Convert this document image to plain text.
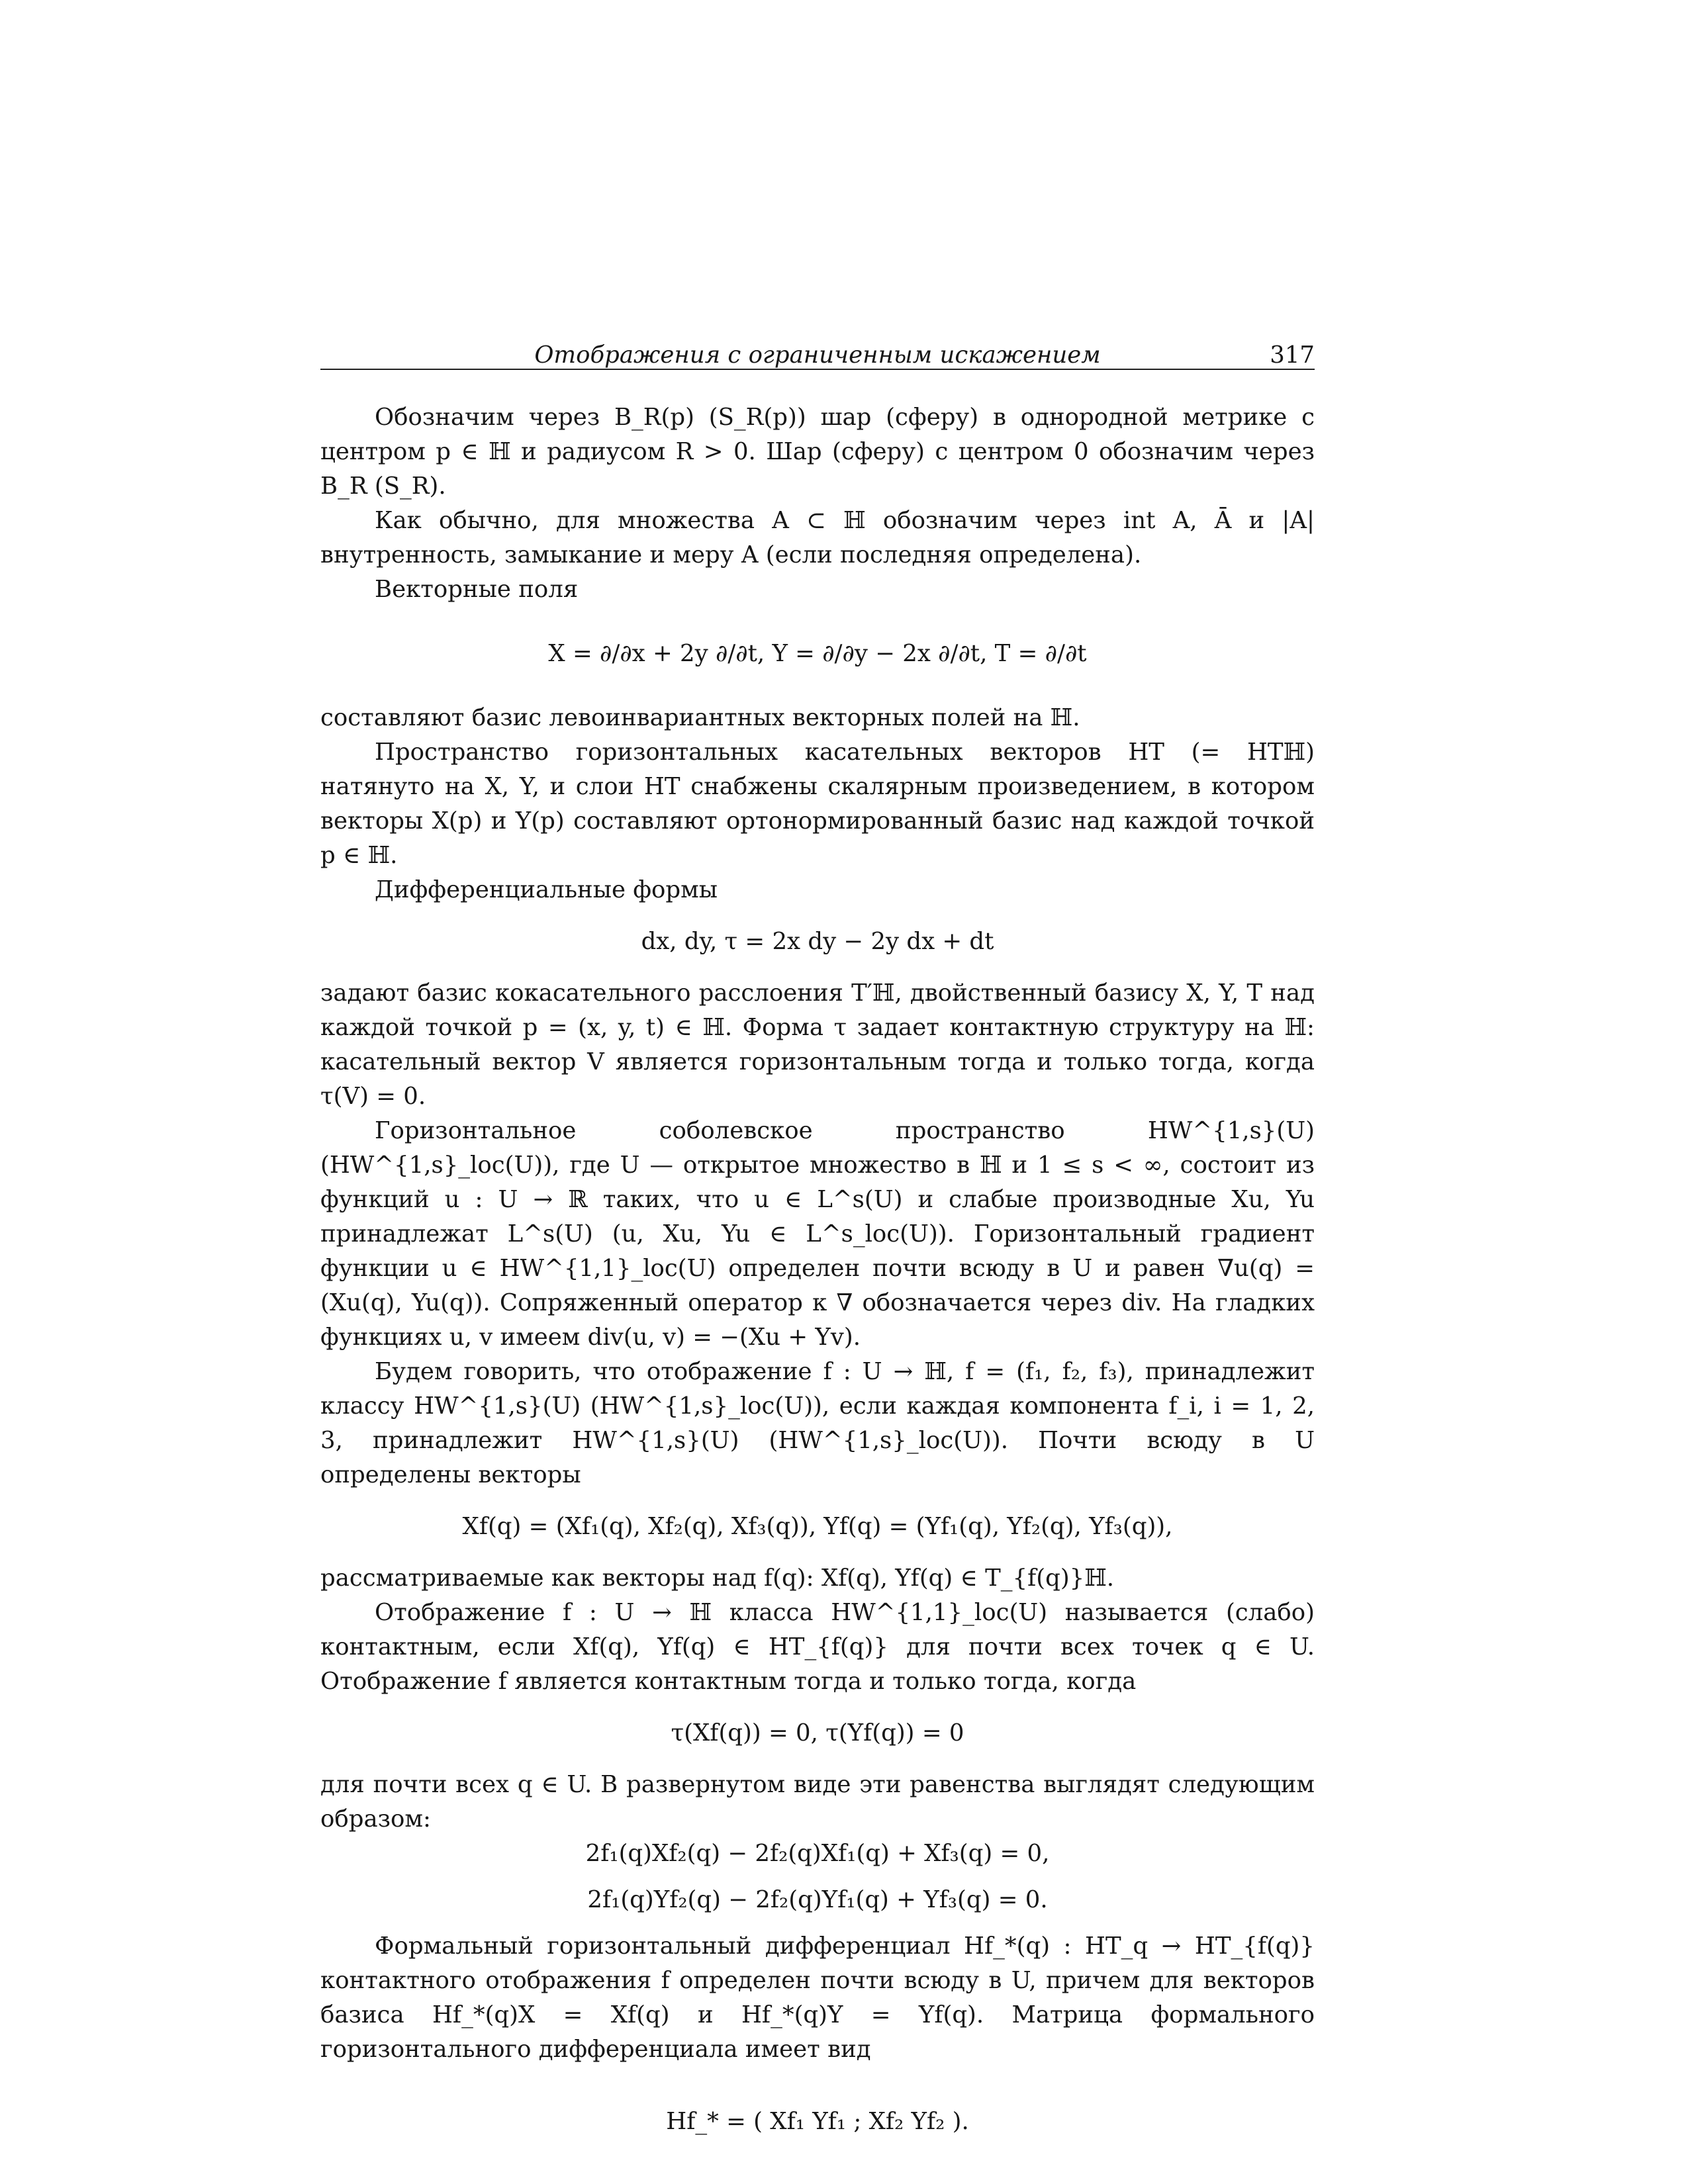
Отображения с ограниченным искажением	317

Обозначим через B_R(p) (S_R(p)) шар (сферу) в однородной метрике с центром p ∈ ℍ и радиусом R > 0. Шар (сферу) с центром 0 обозначим через B_R (S_R).

Как обычно, для множества A ⊂ ℍ обозначим через int A, Ā и |A| внутренность, замыкание и меру A (если последняя определена).

Векторные поля

X = ∂/∂x + 2y ∂/∂t, Y = ∂/∂y − 2x ∂/∂t, T = ∂/∂t

составляют базис левоинвариантных векторных полей на ℍ.

Пространство горизонтальных касательных векторов HT (= HTℍ) натянуто на X, Y, и слои HT снабжены скалярным произведением, в котором векторы X(p) и Y(p) составляют ортонормированный базис над каждой точкой p ∈ ℍ.

Дифференциальные формы

dx, dy, τ = 2x dy − 2y dx + dt

задают базис кокасательного расслоения T′ℍ, двойственный базису X, Y, T над каждой точкой p = (x, y, t) ∈ ℍ. Форма τ задает контактную структуру на ℍ: касательный вектор V является горизонтальным тогда и только тогда, когда τ(V) = 0.

Горизонтальное соболевское пространство HW^{1,s}(U) (HW^{1,s}_loc(U)), где U — открытое множество в ℍ и 1 ≤ s < ∞, состоит из функций u : U → ℝ таких, что u ∈ L^s(U) и слабые производные Xu, Yu принадлежат L^s(U) (u, Xu, Yu ∈ L^s_loc(U)). Горизонтальный градиент функции u ∈ HW^{1,1}_loc(U) определен почти всюду в U и равен ∇u(q) = (Xu(q), Yu(q)). Сопряженный оператор к ∇ обозначается через div. На гладких функциях u, v имеем div(u, v) = −(Xu + Yv).

Будем говорить, что отображение f : U → ℍ, f = (f₁, f₂, f₃), принадлежит классу HW^{1,s}(U) (HW^{1,s}_loc(U)), если каждая компонента f_i, i = 1, 2, 3, принадлежит HW^{1,s}(U) (HW^{1,s}_loc(U)). Почти всюду в U определены векторы

Xf(q) = (Xf₁(q), Xf₂(q), Xf₃(q)), Yf(q) = (Yf₁(q), Yf₂(q), Yf₃(q)),

рассматриваемые как векторы над f(q): Xf(q), Yf(q) ∈ T_{f(q)}ℍ.

Отображение f : U → ℍ класса HW^{1,1}_loc(U) называется (слабо) контактным, если Xf(q), Yf(q) ∈ HT_{f(q)} для почти всех точек q ∈ U. Отображение f является контактным тогда и только тогда, когда

τ(Xf(q)) = 0, τ(Yf(q)) = 0

для почти всех q ∈ U. В развернутом виде эти равенства выглядят следующим образом:

2f₁(q)Xf₂(q) − 2f₂(q)Xf₁(q) + Xf₃(q) = 0,
2f₁(q)Yf₂(q) − 2f₂(q)Yf₁(q) + Yf₃(q) = 0.

Формальный горизонтальный дифференциал Hf_*(q) : HT_q → HT_{f(q)} контактного отображения f определен почти всюду в U, причем для векторов базиса Hf_*(q)X = Xf(q) и Hf_*(q)Y = Yf(q). Матрица формального горизонтального дифференциала имеет вид

Hf_* = ( Xf₁ Yf₁ ; Xf₂ Yf₂ ).
